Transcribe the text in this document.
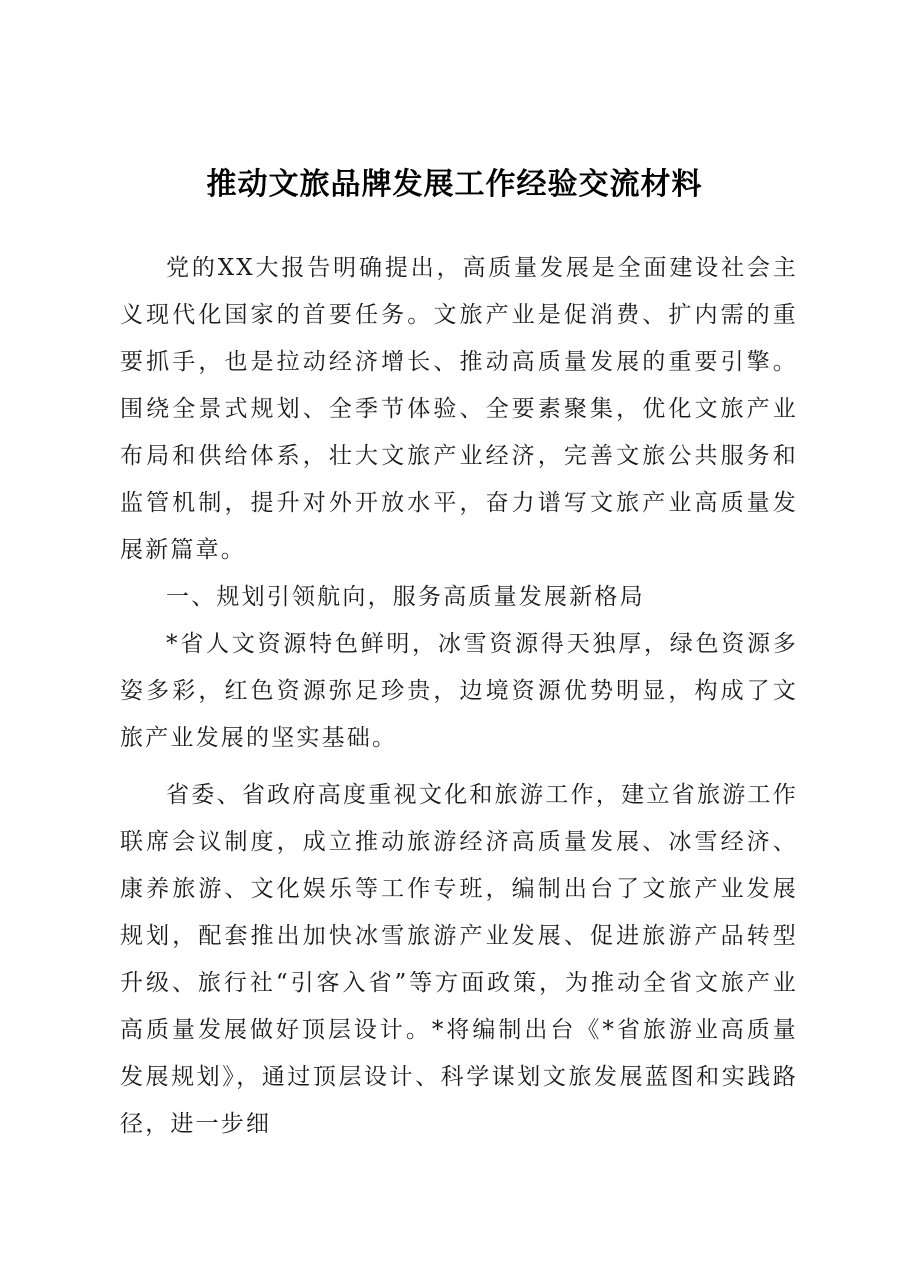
推动文旅品牌发展工作经验交流材料

党的XX大报告明确提出，高质量发展是全面建设社会主义现代化国家的首要任务。文旅产业是促消费、扩内需的重要抓手，也是拉动经济增长、推动高质量发展的重要引擎。围绕全景式规划、全季节体验、全要素聚集，优化文旅产业布局和供给体系，壮大文旅产业经济，完善文旅公共服务和监管机制，提升对外开放水平，奋力谱写文旅产业高质量发展新篇章。

一、规划引领航向，服务高质量发展新格局

*省人文资源特色鲜明，冰雪资源得天独厚，绿色资源多姿多彩，红色资源弥足珍贵，边境资源优势明显，构成了文旅产业发展的坚实基础。

省委、省政府高度重视文化和旅游工作，建立省旅游工作联席会议制度，成立推动旅游经济高质量发展、冰雪经济、康养旅游、文化娱乐等工作专班，编制出台了文旅产业发展规划，配套推出加快冰雪旅游产业发展、促进旅游产品转型升级、旅行社“引客入省”等方面政策，为推动全省文旅产业高质量发展做好顶层设计。*将编制出台《*省旅游业高质量发展规划》，通过顶层设计、科学谋划文旅发展蓝图和实践路径，进一步细
